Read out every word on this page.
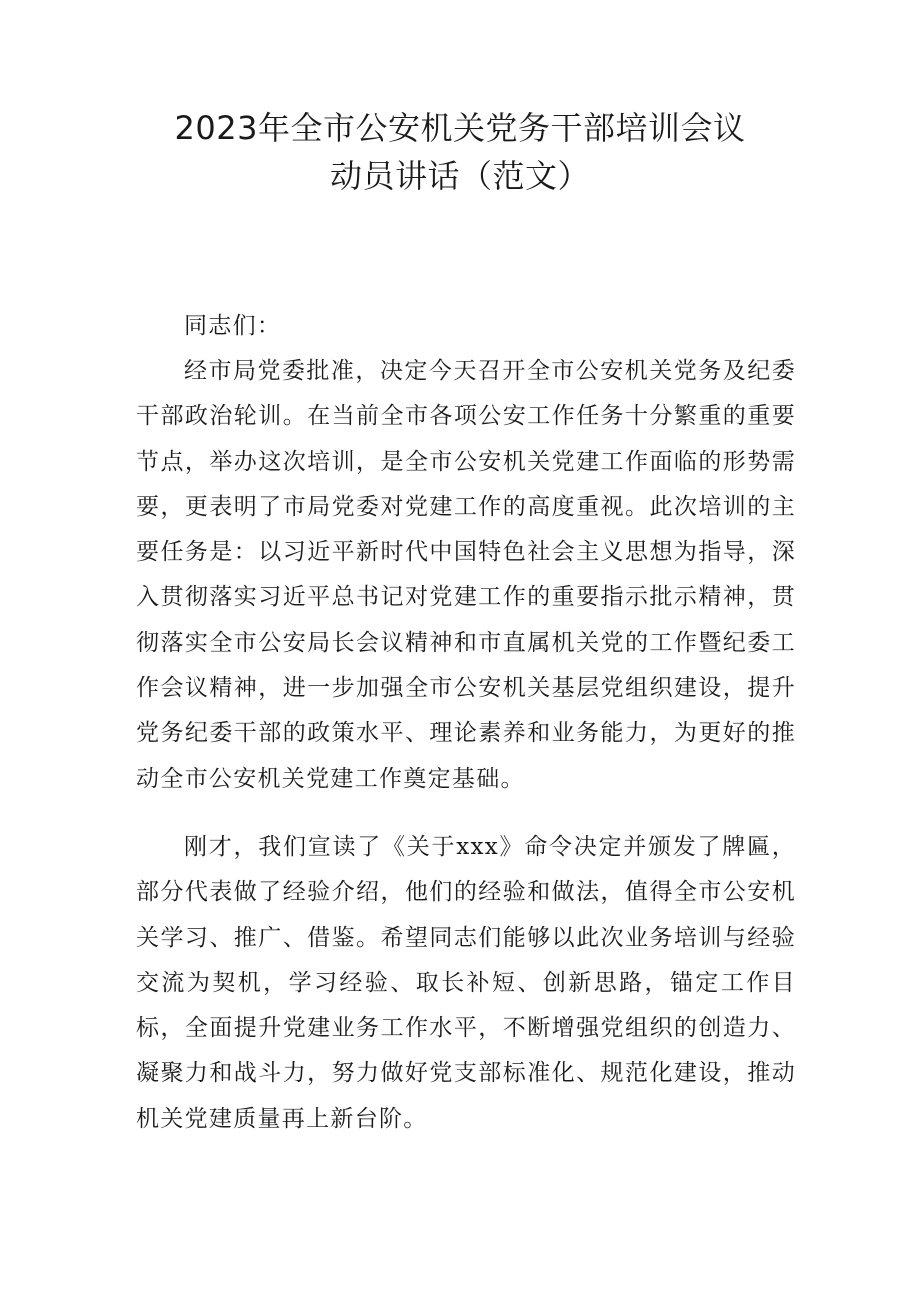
2023年全市公安机关党务干部培训会议
动员讲话（范文）

同志们：

经市局党委批准，决定今天召开全市公安机关党务及纪委干部政治轮训。在当前全市各项公安工作任务十分繁重的重要节点，举办这次培训，是全市公安机关党建工作面临的形势需要，更表明了市局党委对党建工作的高度重视。此次培训的主要任务是：以习近平新时代中国特色社会主义思想为指导，深入贯彻落实习近平总书记对党建工作的重要指示批示精神，贯彻落实全市公安局长会议精神和市直属机关党的工作暨纪委工作会议精神，进一步加强全市公安机关基层党组织建设，提升党务纪委干部的政策水平、理论素养和业务能力，为更好的推动全市公安机关党建工作奠定基础。

刚才，我们宣读了《关于xxx》命令决定并颁发了牌匾，部分代表做了经验介绍，他们的经验和做法，值得全市公安机关学习、推广、借鉴。希望同志们能够以此次业务培训与经验交流为契机，学习经验、取长补短、创新思路，锚定工作目标，全面提升党建业务工作水平，不断增强党组织的创造力、凝聚力和战斗力，努力做好党支部标准化、规范化建设，推动机关党建质量再上新台阶。
